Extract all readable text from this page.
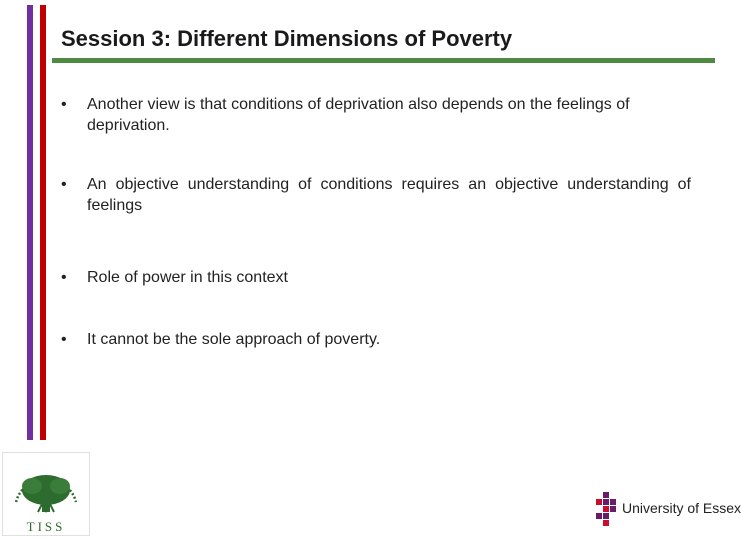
Session 3: Different Dimensions of Poverty
• Another view is that conditions of deprivation also depends on the feelings of deprivation.
• An objective understanding of conditions requires an objective understanding of feelings
• Role of power in this context
• It cannot be the sole approach of poverty.
TISS
University of Essex
